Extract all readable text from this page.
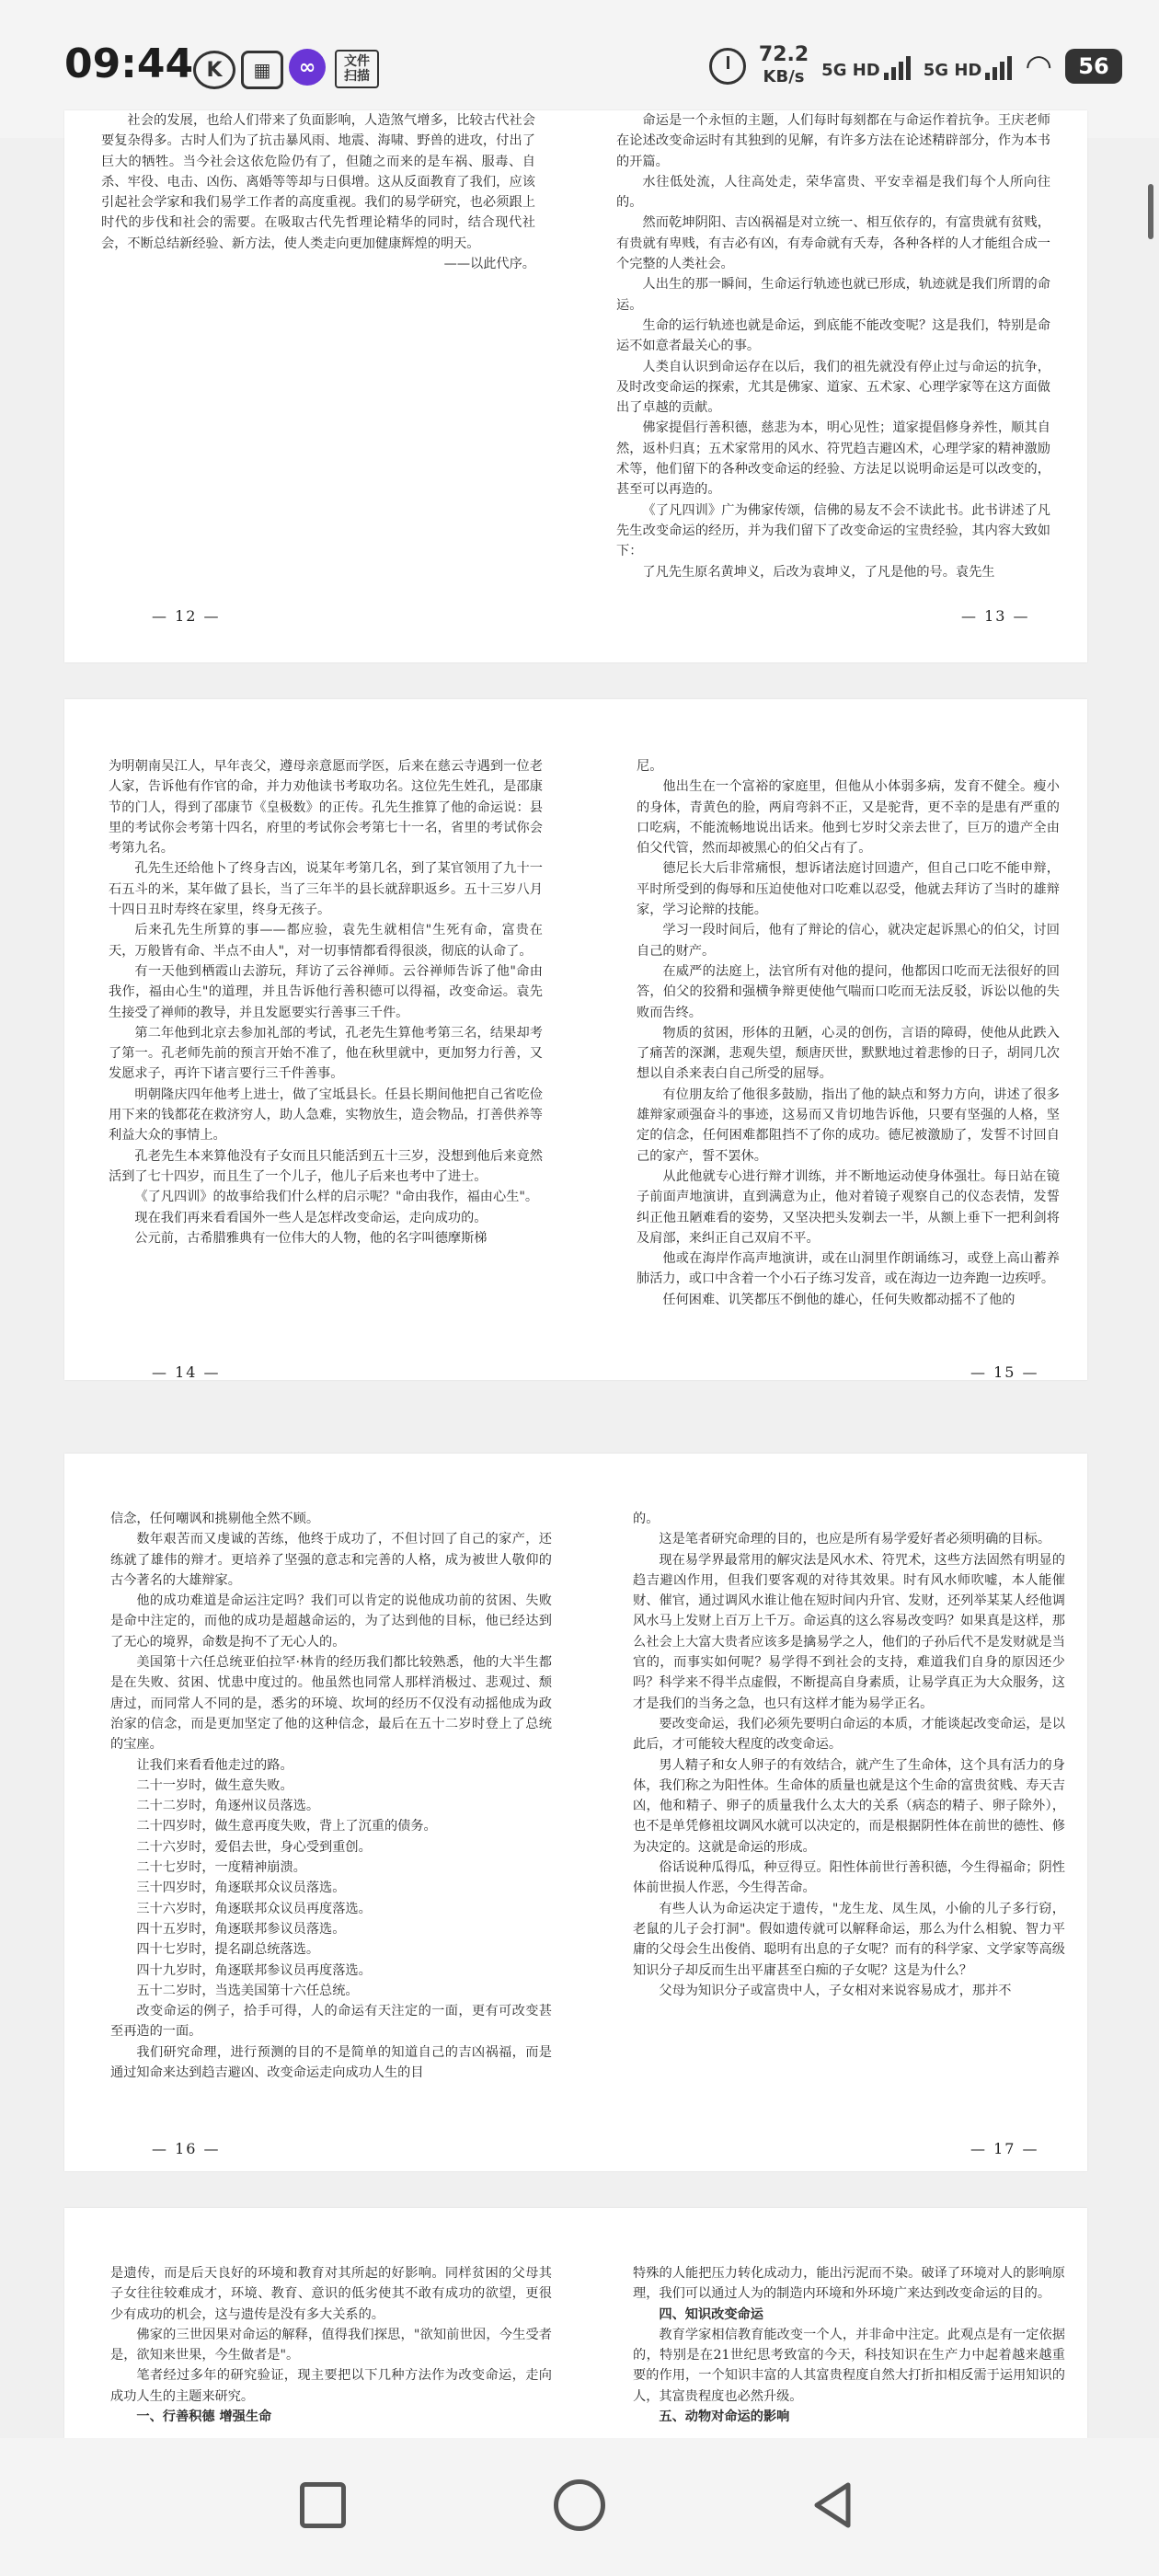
09:44 K	▦	∞	文件
扫描
72.2
KB/s 5G HD	5G HD ◠	56

社会的发展，也给人们带来了负面影响，人造煞气增多，比较古代社会要复杂得多。古时人们为了抗击暴风雨、地震、海啸、野兽的进攻，付出了巨大的牺牲。当今社会这依危险仍有了，但随之而来的是车祸、服毒、自杀、牢役、电击、凶伤、离婚等等却与日俱增。这从反面教育了我们，应该引起社会学家和我们易学工作者的高度重视。我们的易学研究，也必须跟上时代的步伐和社会的需要。在吸取古代先哲理论精华的同时，结合现代社会，不断总结新经验、新方法，使人类走向更加健康辉煌的明天。

——以此代序。

— 12 —

命运是一个永恒的主题，人们每时每刻都在与命运作着抗争。王庆老师在论述改变命运时有其独到的见解，有许多方法在论述精辟部分，作为本书的开篇。

水往低处流，人往高处走，荣华富贵、平安幸福是我们每个人所向往的。

然而乾坤阴阳、吉凶祸福是对立统一、相互依存的，有富贵就有贫贱，有贵就有卑贱，有吉必有凶，有寿命就有夭寿，各种各样的人才能组合成一个完整的人类社会。

人出生的那一瞬间，生命运行轨迹也就已形成，轨迹就是我们所谓的命运。

生命的运行轨迹也就是命运，到底能不能改变呢？这是我们，特别是命运不如意者最关心的事。

人类自认识到命运存在以后，我们的祖先就没有停止过与命运的抗争，及时改变命运的探索，尤其是佛家、道家、五术家、心理学家等在这方面做出了卓越的贡献。

佛家提倡行善积德，慈悲为本，明心见性；道家提倡修身养性，顺其自然，返朴归真；五术家常用的风水、符咒趋吉避凶术，心理学家的精神激励术等，他们留下的各种改变命运的经验、方法足以说明命运是可以改变的，甚至可以再造的。

《了凡四训》广为佛家传颂，信佛的易友不会不读此书。此书讲述了凡先生改变命运的经历，并为我们留下了改变命运的宝贵经验，其内容大致如下：

了凡先生原名黄坤义，后改为袁坤义，了凡是他的号。袁先生

— 13 —

为明朝南吴江人，早年丧父，遵母亲意愿而学医，后来在慈云寺遇到一位老人家，告诉他有作官的命，并力劝他读书考取功名。这位先生姓孔，是邵康节的门人，得到了邵康节《皇极数》的正传。孔先生推算了他的命运说：县里的考试你会考第十四名，府里的考试你会考第七十一名，省里的考试你会考第九名。

孔先生还给他卜了终身吉凶，说某年考第几名，到了某官领用了九十一石五斗的米，某年做了县长，当了三年半的县长就辞职返乡。五十三岁八月十四日丑时寿终在家里，终身无孩子。

后来孔先生所算的事——都应验，袁先生就相信"生死有命，富贵在天，万般皆有命、半点不由人"，对一切事情都看得很淡，彻底的认命了。

有一天他到栖霞山去游玩，拜访了云谷禅师。云谷禅师告诉了他"命由我作，福由心生"的道理，并且告诉他行善积德可以得福，改变命运。袁先生接受了禅师的教导，并且发愿要实行善事三千件。

第二年他到北京去参加礼部的考试，孔老先生算他考第三名，结果却考了第一。孔老师先前的预言开始不准了，他在秋里就中，更加努力行善，又发愿求子，再许下诸言要行三千件善事。

明朝隆庆四年他考上进士，做了宝坻县长。任县长期间他把自己省吃俭用下来的钱都花在救济穷人，助人急难，实物放生，造会物品，打善供养等利益大众的事情上。

孔老先生本来算他没有子女而且只能活到五十三岁，没想到他后来竟然活到了七十四岁，而且生了一个儿子，他儿子后来也考中了进士。

《了凡四训》的故事给我们什么样的启示呢？"命由我作，福由心生"。

现在我们再来看看国外一些人是怎样改变命运，走向成功的。

公元前，古希腊雅典有一位伟大的人物，他的名字叫德摩斯梯

— 14 —

尼。

他出生在一个富裕的家庭里，但他从小体弱多病，发育不健全。瘦小的身体，青黄色的脸，两肩弯斜不正，又是驼背，更不幸的是患有严重的口吃病，不能流畅地说出话来。他到七岁时父亲去世了，巨万的遗产全由伯父代管，然而却被黑心的伯父占有了。

德尼长大后非常痛恨，想诉诸法庭讨回遗产，但自己口吃不能申辩，平时所受到的侮辱和压迫使他对口吃难以忍受，他就去拜访了当时的雄辩家，学习论辩的技能。

学习一段时间后，他有了辩论的信心，就决定起诉黑心的伯父，讨回自己的财产。

在威严的法庭上，法官所有对他的提问，他都因口吃而无法很好的回答，伯父的狡猾和强横争辩更使他气喘而口吃而无法反驳，诉讼以他的失败而告终。

物质的贫困，形体的丑陋，心灵的创伤，言语的障碍，使他从此跌入了痛苦的深渊，悲观失望，颓唐厌世，默默地过着悲惨的日子，胡同几次想以自杀来表白自己所受的屈辱。

有位朋友给了他很多鼓励，指出了他的缺点和努力方向，讲述了很多雄辩家顽强奋斗的事迹，这易而又肯切地告诉他，只要有坚强的人格，坚定的信念，任何困难都阻挡不了你的成功。德尼被激励了，发誓不讨回自己的家产，誓不罢休。

从此他就专心进行辩才训练，并不断地运动使身体强壮。每日站在镜子前面声地演讲，直到满意为止，他对着镜子观察自己的仪态表情，发誓纠正他丑陋难看的姿势，又坚决把头发剃去一半，从额上垂下一把利剑将及肩部，来纠正自己双肩不平。

他或在海岸作高声地演讲，或在山洞里作朗诵练习，或登上高山蓄养肺活力，或口中含着一个小石子练习发音，或在海边一边奔跑一边疾呼。

任何困难、讥笑都压不倒他的雄心，任何失败都动摇不了他的

— 15 —

信念，任何嘲讽和挑剔他全然不顾。

数年艰苦而又虔诚的苦练，他终于成功了，不但讨回了自己的家产，还练就了雄伟的辩才。更培养了坚强的意志和完善的人格，成为被世人敬仰的古今著名的大雄辩家。

他的成功难道是命运注定吗？我们可以肯定的说他成功前的贫困、失败是命中注定的，而他的成功是超越命运的，为了达到他的目标，他已经达到了无心的境界，命数是拘不了无心人的。

美国第十六任总统亚伯拉罕·林肯的经历我们都比较熟悉，他的大半生都是在失败、贫困、忧患中度过的。他虽然也同常人那样消极过、悲观过、颓唐过，而同常人不同的是，悉劣的环境、坎坷的经历不仅没有动摇他成为政治家的信念，而是更加坚定了他的这种信念，最后在五十二岁时登上了总统的宝座。

让我们来看看他走过的路。

二十一岁时，做生意失败。

二十二岁时，角逐州议员落选。

二十四岁时，做生意再度失败，背上了沉重的债务。

二十六岁时，爱侣去世，身心受到重创。

二十七岁时，一度精神崩溃。

三十四岁时，角逐联邦众议员落选。

三十六岁时，角逐联邦众议员再度落选。

四十五岁时，角逐联邦参议员落选。

四十七岁时，提名副总统落选。

四十九岁时，角逐联邦参议员再度落选。

五十二岁时，当选美国第十六任总统。

改变命运的例子，拾手可得，人的命运有天注定的一面，更有可改变甚至再造的一面。

我们研究命理，进行预测的目的不是简单的知道自己的吉凶祸福，而是通过知命来达到趋吉避凶、改变命运走向成功人生的目

— 16 —

的。

这是笔者研究命理的目的，也应是所有易学爱好者必须明确的目标。

现在易学界最常用的解灾法是风水术、符咒术，这些方法固然有明显的趋吉避凶作用，但我们要客观的对待其效果。时有风水师吹嘘，本人能催财、催官，通过调风水谁让他在短时间内升官、发财，还列举某某人经他调风水马上发财上百万上千万。命运真的这么容易改变吗？如果真是这样，那么社会上大富大贵者应该多是擒易学之人，他们的子孙后代不是发财就是当官的，而事实如何呢？易学得不到社会的支持，难道我们自身的原因还少吗？科学来不得半点虚假，不断提高自身素质，让易学真正为大众服务，这才是我们的当务之急，也只有这样才能为易学正名。

要改变命运，我们必须先要明白命运的本质，才能谈起改变命运，是以此后，才可能较大程度的改变命运。

男人精子和女人卵子的有效结合，就产生了生命体，这个具有活力的身体，我们称之为阳性体。生命体的质量也就是这个生命的富贵贫贱、寿天吉凶，他和精子、卵子的质量我什么太大的关系（病态的精子、卵子除外），也不是单凭修祖坟调风水就可以决定的，而是根据阴性体在前世的德性、修为决定的。这就是命运的形成。

俗话说种瓜得瓜，种豆得豆。阳性体前世行善积德，今生得福命；阴性体前世损人作恶，今生得苦命。

有些人认为命运决定于遗传，"龙生龙、凤生凤，小偷的儿子多行窃，老鼠的儿子会打洞"。假如遗传就可以解释命运，那么为什么相貌、智力平庸的父母会生出俊俏、聪明有出息的子女呢？而有的科学家、文学家等高级知识分子却反而生出平庸甚至白痴的子女呢？这是为什么？

父母为知识分子或富贵中人，子女相对来说容易成才，那并不

— 17 —

是遗传，而是后天良好的环境和教育对其所起的好影响。同样贫困的父母其子女往往较难成才，环境、教育、意识的低劣使其不敢有成功的欲望，更很少有成功的机会，这与遗传是没有多大关系的。

佛家的三世因果对命运的解释，值得我们探思，"欲知前世因，今生受者是，欲知来世果，今生做者是"。

笔者经过多年的研究验证，现主要把以下几种方法作为改变命运，走向成功人生的主题来研究。

一、行善积德 增强生命

特殊的人能把压力转化成动力，能出污泥而不染。破译了环境对人的影响原理，我们可以通过人为的制造内环境和外环境广来达到改变命运的目的。

四、知识改变命运

教育学家相信教育能改变一个人，并非命中注定。此观点是有一定依据的，特别是在21世纪思考致富的今天，科技知识在生产力中起着越来越重要的作用，一个知识丰富的人其富贵程度自然大打折扣相反需于运用知识的人，其富贵程度也必然升级。

五、动物对命运的影响
